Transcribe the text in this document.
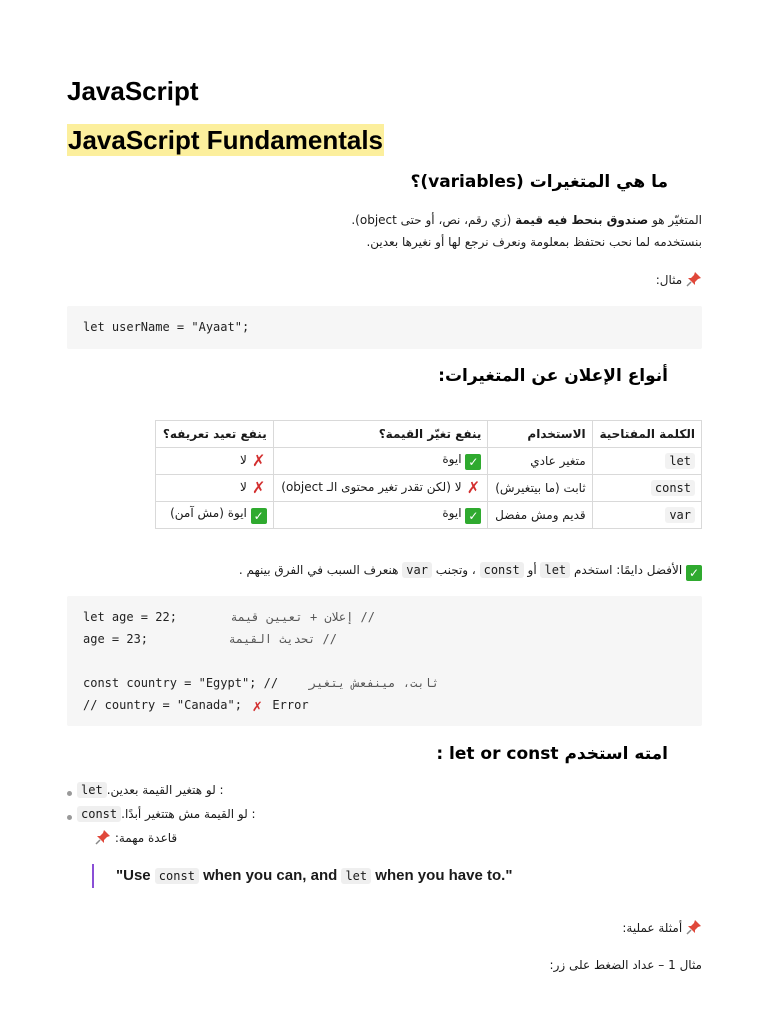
JavaScript
JavaScript Fundamentals
ما هي المتغيرات (variables)؟
المتغيّر هو صندوق بنحط فيه قيمة (زي رقم، نص، أو حتى object).
بنستخدمه لما نحب نحتفظ بمعلومة ونعرف نرجع لها أو نغيرها بعدين.
مثال:
let userName = "Ayaat";
أنواع الإعلان عن المتغيرات:
الكلمة المفتاحية	الاستخدام	ينفع تغيّر القيمة؟	ينفع تعيد تعريفه؟
let	متغير عادي	✓ ايوة	✗ لا
const	ثابت (ما بيتغيرش)	✗ لا (لكن تقدر تغير محتوى الـ object)	✗ لا
var	قديم ومش مفضل	✓ ايوة	✓ ايوة (مش آمن)
✓ الأفضل دايمًا: استخدم let أو const ، وتجنب var هنعرف السبب في الفرق بينهم .
let age = 22;	// إعلان + تعيين قيمة
age = 23;	// تحديث القيمة
const country = "Egypt"; //	ثابت، مينفعش يتغير
// country = "Canada"; ✗ Error
امته استخدم let or const :
let : لو هتغير القيمة بعدين.
const : لو القيمة مش هتتغير أبدًا.
قاعدة مهمة:
"Use const when you can, and let when you have to."
أمثلة عملية:
مثال 1 – عداد الضغط على زر:
